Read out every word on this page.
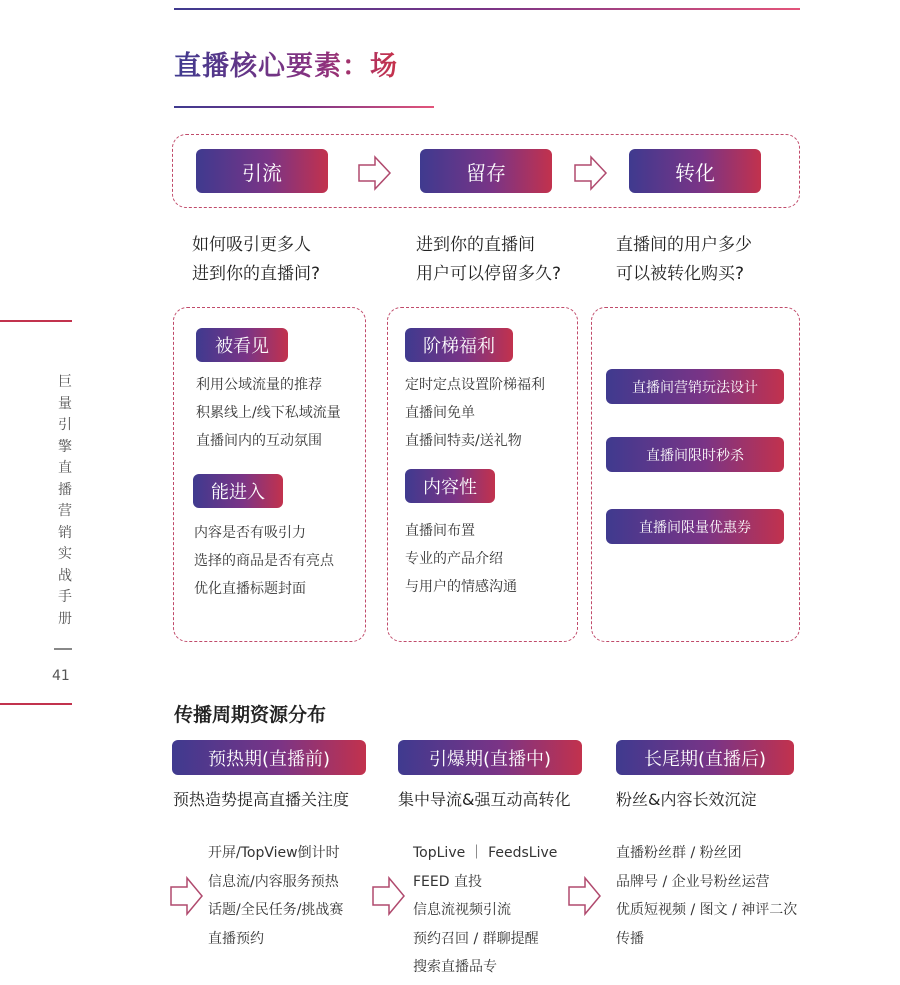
直播核心要素：场
巨
量
引
擎
直
播
营
销
实
战
手
册
41
引流	留存	转化
如何吸引更多人
进到你的直播间?
进到你的直播间
用户可以停留多久?
直播间的用户多少
可以被转化购买?
被看见
利用公域流量的推荐
积累线上/线下私域流量
直播间内的互动氛围
能进入
内容是否有吸引力
选择的商品是否有亮点
优化直播标题封面
阶梯福利
定时定点设置阶梯福利
直播间免单
直播间特卖/送礼物
内容性
直播间布置
专业的产品介绍
与用户的情感沟通
直播间营销玩法设计
直播间限时秒杀
直播间限量优惠券
传播周期资源分布
预热期(直播前)	引爆期(直播中)	长尾期(直播后)
预热造势提高直播关注度	集中导流&强互动高转化	粉丝&内容长效沉淀
开屏/TopView倒计时
信息流/内容服务预热
话题/全民任务/挑战赛
直播预约
TopLive ｜ FeedsLive
FEED 直投
信息流视频引流
预约召回 / 群聊提醒
搜索直播品专
直播粉丝群 / 粉丝团
品牌号 / 企业号粉丝运营
优质短视频 / 图文 / 神评二次
传播
